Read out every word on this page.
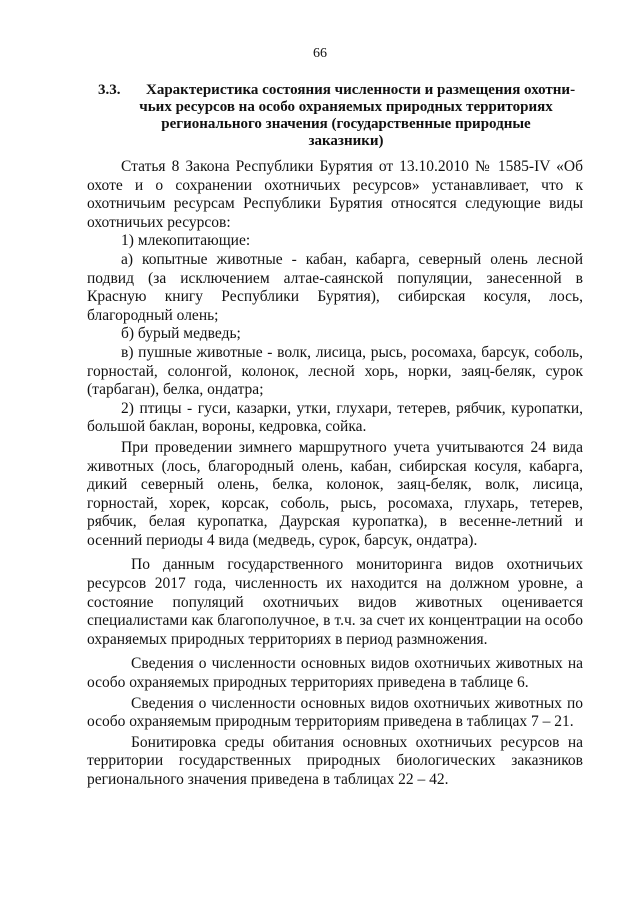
66
3.3.	Характеристика состояния численности и размещения охотни-
чьих ресурсов на особо охраняемых природных территориях
регионального значения (государственные природные
заказники)

Статья 8 Закона Республики Бурятия от 13.10.2010 № 1585-IV «Об охоте и о сохранении охотничьих ресурсов» устанавливает, что к охотничьим ресурсам Республики Бурятия относятся следующие виды охотничьих ресурсов:

1) млекопитающие:

а) копытные животные - кабан, кабарга, северный олень лесной подвид (за исключением алтае-саянской популяции, занесенной в Красную книгу Республики Бурятия), сибирская косуля, лось, благородный олень;

б) бурый медведь;

в) пушные животные - волк, лисица, рысь, росомаха, барсук, соболь, горностай, солонгой, колонок, лесной хорь, норки, заяц-беляк, сурок (тарбаган), белка, ондатра;

2) птицы - гуси, казарки, утки, глухари, тетерев, рябчик, куропатки, большой баклан, вороны, кедровка, сойка.

При проведении зимнего маршрутного учета учитываются 24 вида животных (лось, благородный олень, кабан, сибирская косуля, кабарга, дикий северный олень, белка, колонок, заяц-беляк, волк, лисица, горностай, хорек, корсак, соболь, рысь, росомаха, глухарь, тетерев, рябчик, белая куропатка, Даурская куропатка), в весенне-летний и осенний периоды 4 вида (медведь, сурок, барсук, ондатра).

По данным государственного мониторинга видов охотничьих ресурсов 2017 года, численность их находится на должном уровне, а состояние популяций охотничьих видов животных оценивается специалистами как благополучное, в т.ч. за счет их концентрации на особо охраняемых природных территориях в период размножения.

Сведения о численности основных видов охотничьих животных на особо охраняемых природных территориях приведена в таблице 6.

Сведения о численности основных видов охотничьих животных по особо охраняемым природным территориям приведена в таблицах 7 – 21.

Бонитировка среды обитания основных охотничьих ресурсов на территории государственных природных биологических заказников регионального значения приведена в таблицах 22 – 42.
